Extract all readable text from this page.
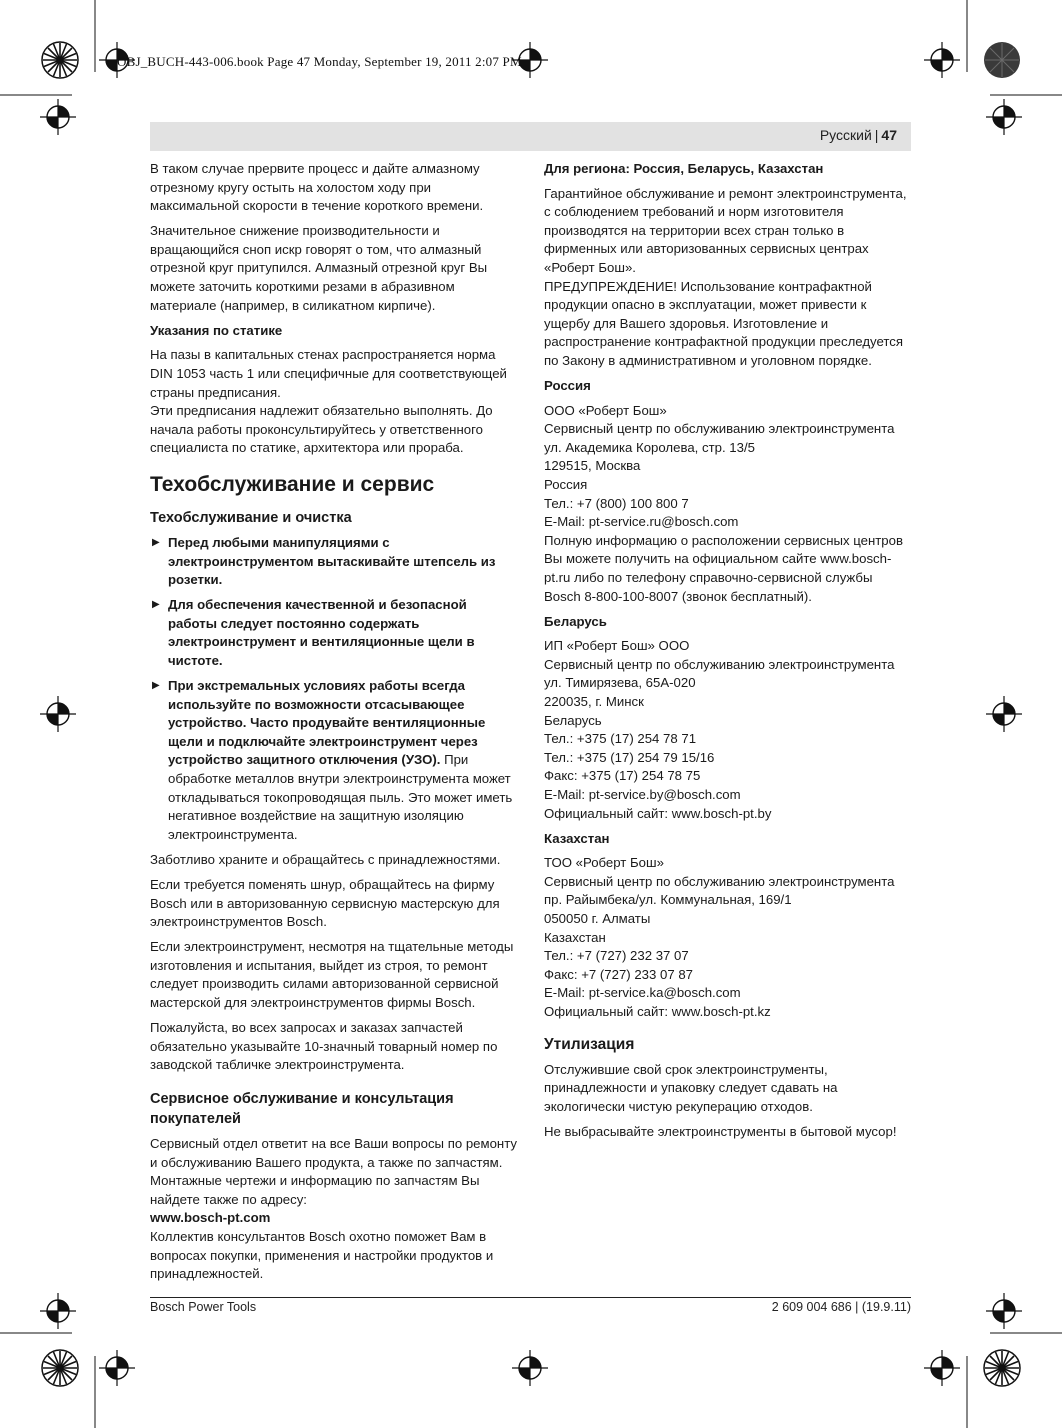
OBJ_BUCH-443-006.book Page 47 Monday, September 19, 2011 2:07 PM
Русский | 47

В таком случае прервите процесс и дайте алмазному отрезному кругу остыть на холостом ходу при максимальной скорости в течение короткого времени.

Значительное снижение производительности и вращающийся сноп искр говорят о том, что алмазный отрезной круг притупился. Алмазный отрезной круг Вы можете заточить короткими резами в абразивном материале (например, в силикатном кирпиче).

Указания по статике
На пазы в капитальных стенах распространяется норма DIN 1053 часть 1 или специфичные для соответствующей страны предписания.
Эти предписания надлежит обязательно выполнять. До начала работы проконсультируйтесь у ответственного специалиста по статике, архитектора или прораба.
Техобслуживание и сервис
Техобслуживание и очистка
▶ Перед любыми манипуляциями с электроинструментом вытаскивайте штепсель из розетки.
▶ Для обеспечения качественной и безопасной работы следует постоянно содержать электроинструмент и вентиляционные щели в чистоте.
▶ При экстремальных условиях работы всегда используйте по возможности отсасывающее устройство. Часто продувайте вентиляционные щели и подключайте электроинструмент через устройство защитного отключения (УЗО). При обработке металлов внутри электроинструмента может откладываться токопроводящая пыль. Это может иметь негативное воздействие на защитную изоляцию электроинструмента.

Заботливо храните и обращайтесь с принадлежностями.

Если требуется поменять шнур, обращайтесь на фирму Bosch или в авторизованную сервисную мастерскую для электроинструментов Bosch.

Если электроинструмент, несмотря на тщательные методы изготовления и испытания, выйдет из строя, то ремонт следует производить силами авторизованной сервисной мастерской для электроинструментов фирмы Bosch.

Пожалуйста, во всех запросах и заказах запчастей обязательно указывайте 10-значный товарный номер по заводской табличке электроинструмента.

Сервисное обслуживание и консультация покупателей
Сервисный отдел ответит на все Ваши вопросы по ремонту и обслуживанию Вашего продукта, а также по запчастям. Монтажные чертежи и информацию по запчастям Вы найдете также по адресу:
www.bosch-pt.com
Коллектив консультантов Bosch охотно поможет Вам в вопросах покупки, применения и настройки продуктов и принадлежностей.
Для региона: Россия, Беларусь, Казахстан
Гарантийное обслуживание и ремонт электроинструмента, с соблюдением требований и норм изготовителя производятся на территории всех стран только в фирменных или авторизованных сервисных центрах «Роберт Бош».
ПРЕДУПРЕЖДЕНИЕ! Использование контрафактной продукции опасно в эксплуатации, может привести к ущербу для Вашего здоровья. Изготовление и распространение контрафактной продукции преследуется по Закону в административном и уголовном порядке.
Россия
ООО «Роберт Бош»
Сервисный центр по обслуживанию электроинструмента
ул. Академика Королева, стр. 13/5
129515, Москва
Россия
Тел.: +7 (800) 100 800 7
E-Mail: pt-service.ru@bosch.com
Полную информацию о расположении сервисных центров Вы можете получить на официальном сайте www.bosch-pt.ru либо по телефону справочно-сервисной службы Bosch 8-800-100-8007 (звонок бесплатный).
Беларусь
ИП «Роберт Бош» ООО
Сервисный центр по обслуживанию электроинструмента
ул. Тимирязева, 65А-020
220035, г. Минск
Беларусь
Тел.: +375 (17) 254 78 71
Тел.: +375 (17) 254 79 15/16
Факс: +375 (17) 254 78 75
E-Mail: pt-service.by@bosch.com
Официальный сайт: www.bosch-pt.by
Казахстан
ТОО «Роберт Бош»
Сервисный центр по обслуживанию электроинструмента
пр. Райымбека/ул. Коммунальная, 169/1
050050 г. Алматы
Казахстан
Тел.: +7 (727) 232 37 07
Факс: +7 (727) 233 07 87
E-Mail: pt-service.ka@bosch.com
Официальный сайт: www.bosch-pt.kz
Утилизация

Отслужившие свой срок электроинструменты, принадлежности и упаковку следует сдавать на экологически чистую рекуперацию отходов.

Не выбрасывайте электроинструменты в бытовой мусор!

Bosch Power Tools	2 609 004 686 | (19.9.11)
